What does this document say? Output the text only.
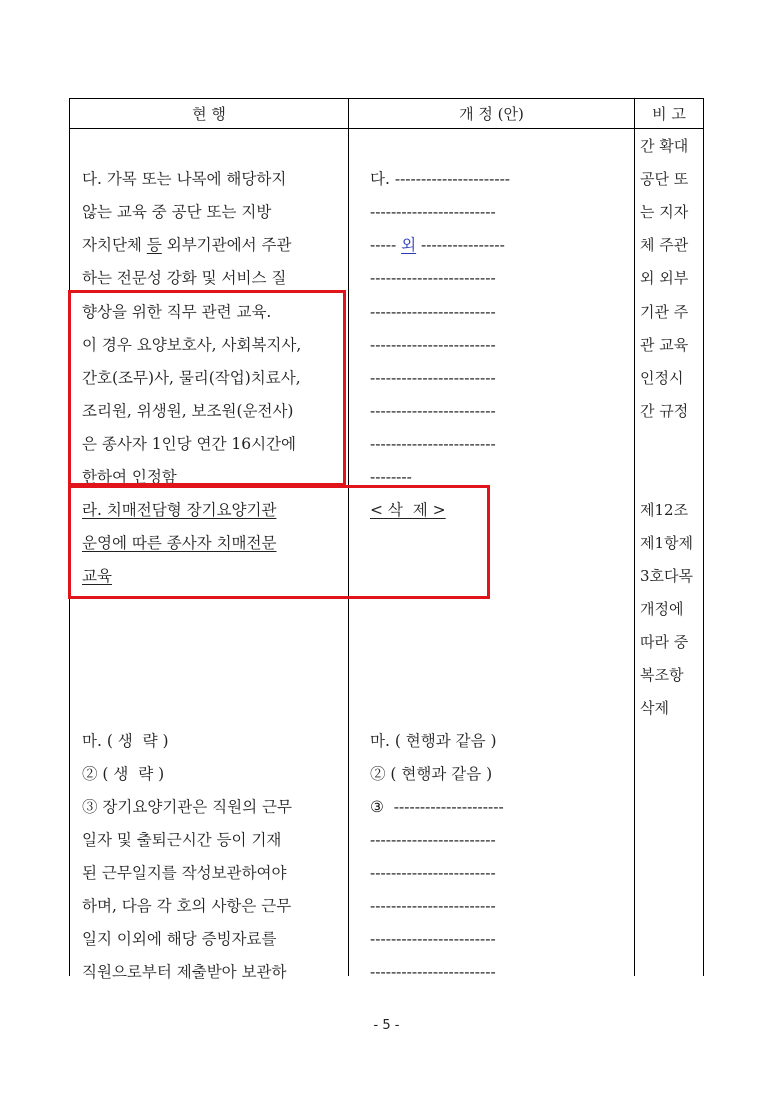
현 행	개 정 (안)	비 고
다. 가목 또는 나목에 해당하지
않는 교육 중 공단 또는 지방
자치단체 등 외부기관에서 주관
하는 전문성 강화 및 서비스 질
향상을 위한 직무 관련 교육.
이 경우 요양보호사, 사회복지사,
간호(조무)사, 물리(작업)치료사,
조리원, 위생원, 보조원(운전사)
은 종사자 1인당 연간 16시간에
한하여 인정함
라. 치매전담형 장기요양기관
운영에 따른 종사자 치매전문
교육
마. ( 생  략 )
② ( 생  략 )
③ 장기요양기관은 직원의 근무
일자 및 출퇴근시간 등이 기재
된 근무일지를 작성보관하여야
하며, 다음 각 호의 사항은 근무
일지 이외에 해당 증빙자료를
직원으로부터 제출받아 보관하
다. ----------------------
------------------------
----- 외 ----------------
------------------------
------------------------
------------------------
------------------------
------------------------
------------------------
--------
< 삭  제 >
마. ( 현행과 같음 )
② ( 현행과 같음 )
③  ---------------------
------------------------
------------------------
------------------------
------------------------
------------------------
간 확대
공단 또
는 지자
체 주관
외 외부
기관 주
관 교육
인정시
간 규정
제12조
제1항제
3호다목
개정에
따라 중
복조항
삭제
- 5 -
